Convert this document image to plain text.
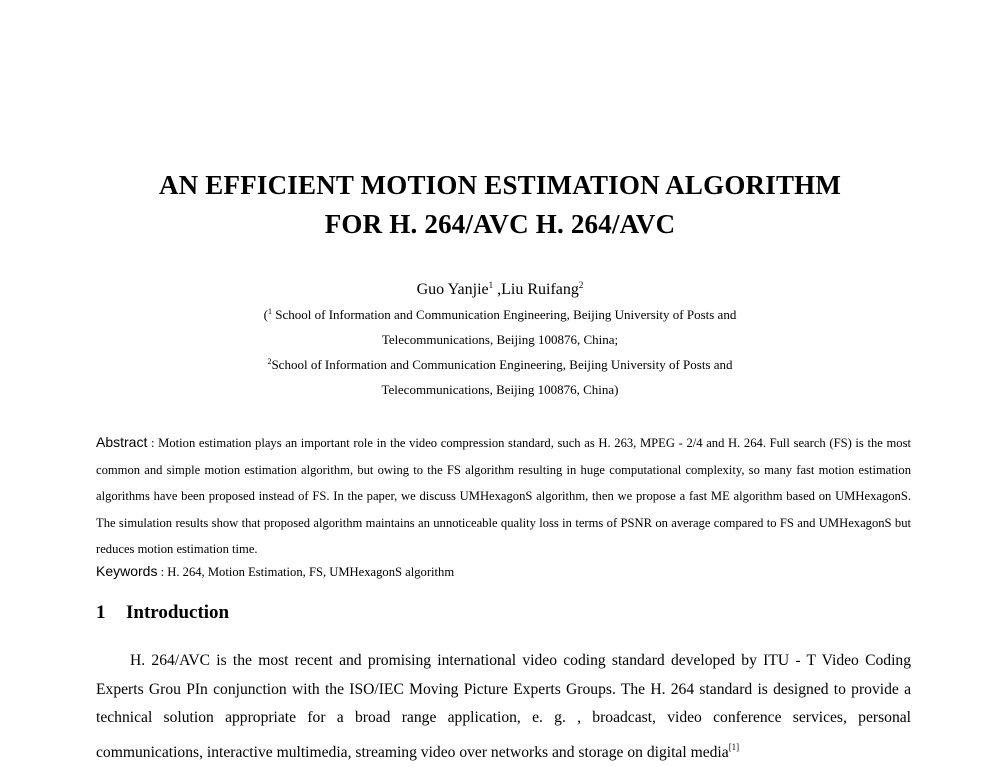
AN EFFICIENT MOTION ESTIMATION ALGORITHM
FOR H. 264/AVC H. 264/AVC
Guo Yanjie$^1$ ,Liu Ruifang$^2$
($^1$ School of Information and Communication Engineering, Beijing University of Posts and
Telecommunications, Beijing 100876, China;
$^2$School of Information and Communication Engineering, Beijing University of Posts and
Telecommunications, Beijing 100876, China)
Abstract : Motion estimation plays an important role in the video compression standard, such as H. 263, MPEG - 2/4 and H. 264. Full search (FS) is the most common and simple motion estimation algorithm, but owing to the FS algorithm resulting in huge computational complexity, so many fast motion estimation algorithms have been proposed instead of FS. In the paper, we discuss UMHexagonS algorithm, then we propose a fast ME algorithm based on UMHexagonS. The simulation results show that proposed algorithm maintains an unnoticeable quality loss in terms of PSNR on average compared to FS and UMHexagonS but reduces motion estimation time.
Keywords : H. 264, Motion Estimation, FS, UMHexagonS algorithm
1 Introduction
H. 264/AVC is the most recent and promising international video coding standard developed by ITU - T Video Coding Experts Grou PIn conjunction with the ISO/IEC Moving Picture Experts Groups. The H. 264 standard is designed to provide a technical solution appropriate for a broad range application, e. g. , broadcast, video conference services, personal communications, interactive multimedia, streaming video over networks and storage on digital media[1]
